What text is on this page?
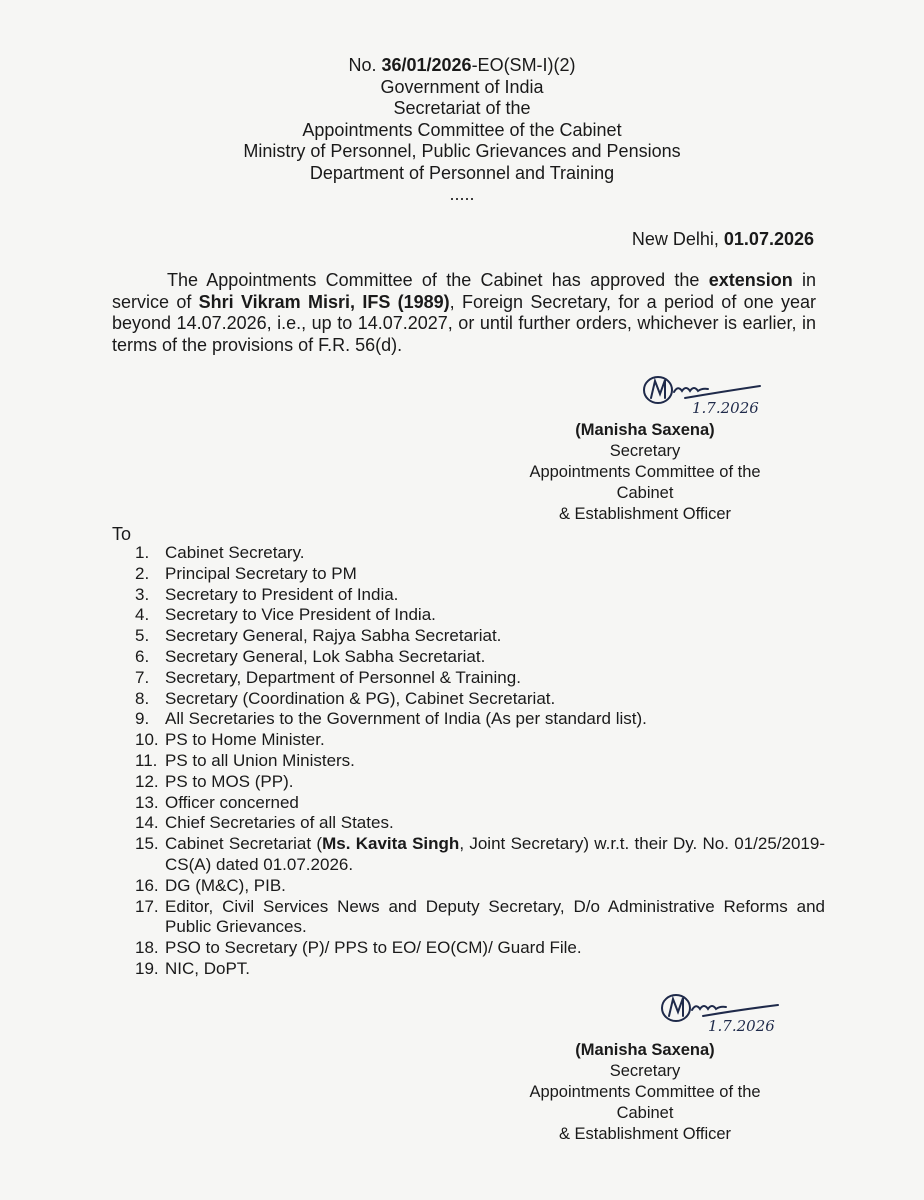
No. 36/01/2026-EO(SM-I)(2)
Government of India
Secretariat of the
Appointments Committee of the Cabinet
Ministry of Personnel, Public Grievances and Pensions
Department of Personnel and Training
.....
New Delhi, 01.07.2026
The Appointments Committee of the Cabinet has approved the extension in service of Shri Vikram Misri, IFS (1989), Foreign Secretary, for a period of one year beyond 14.07.2026, i.e., up to 14.07.2027, or until further orders, whichever is earlier, in terms of the provisions of F.R. 56(d).
1.7.2026
(Manisha Saxena)
Secretary
Appointments Committee of the Cabinet
& Establishment Officer
To
1. Cabinet Secretary.
2. Principal Secretary to PM
3. Secretary to President of India.
4. Secretary to Vice President of India.
5. Secretary General, Rajya Sabha Secretariat.
6. Secretary General, Lok Sabha Secretariat.
7. Secretary, Department of Personnel & Training.
8. Secretary (Coordination & PG), Cabinet Secretariat.
9. All Secretaries to the Government of India (As per standard list).
10. PS to Home Minister.
11. PS to all Union Ministers.
12. PS to MOS (PP).
13. Officer concerned
14. Chief Secretaries of all States.
15. Cabinet Secretariat (Ms. Kavita Singh, Joint Secretary) w.r.t. their Dy. No. 01/25/2019-CS(A) dated 01.07.2026.
16. DG (M&C), PIB.
17. Editor, Civil Services News and Deputy Secretary, D/o Administrative Reforms and Public Grievances.
18. PSO to Secretary (P)/ PPS to EO/ EO(CM)/ Guard File.
19. NIC, DoPT.
1.7.2026
(Manisha Saxena)
Secretary
Appointments Committee of the Cabinet
& Establishment Officer
